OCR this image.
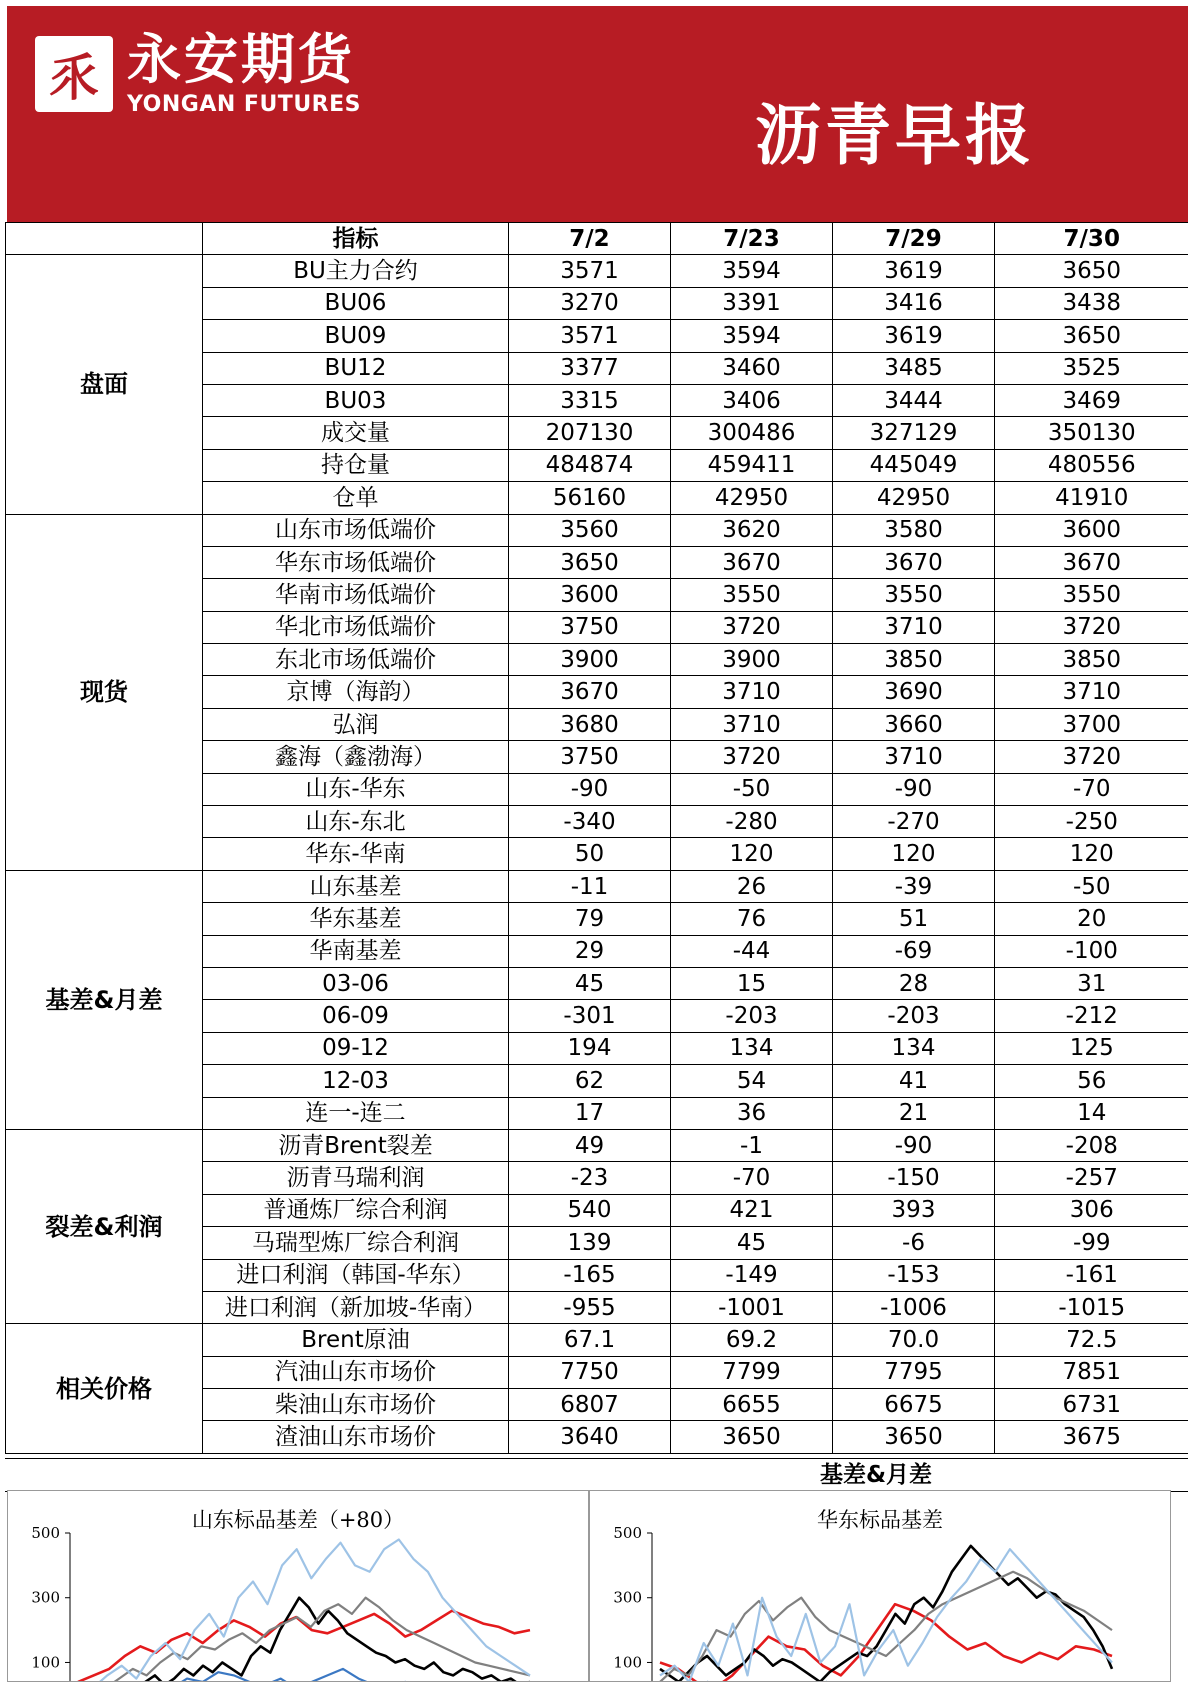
乑 永安期货
YONGAN FUTURES	沥青早报
	指标	7/2	7/23	7/29	7/30
盘面	BU主力合约	3571	3594	3619	3650
	BU06	3270	3391	3416	3438
	BU09	3571	3594	3619	3650
	BU12	3377	3460	3485	3525
	BU03	3315	3406	3444	3469
	成交量	207130	300486	327129	350130
	持仓量	484874	459411	445049	480556
	仓单	56160	42950	42950	41910
现货	山东市场低端价	3560	3620	3580	3600
	华东市场低端价	3650	3670	3670	3670
	华南市场低端价	3600	3550	3550	3550
	华北市场低端价	3750	3720	3710	3720
	东北市场低端价	3900	3900	3850	3850
	京博（海韵）	3670	3710	3690	3710
	弘润	3680	3710	3660	3700
	鑫海（鑫渤海）	3750	3720	3710	3720
	山东-华东	-90	-50	-90	-70
	山东-东北	-340	-280	-270	-250
	华东-华南	50	120	120	120
基差&月差	山东基差	-11	26	-39	-50
	华东基差	79	76	51	20
	华南基差	29	-44	-69	-100
	03-06	45	15	28	31
	06-09	-301	-203	-203	-212
	09-12	194	134	134	125
	12-03	62	54	41	56
	连一-连二	17	36	21	14
裂差&利润	沥青Brent裂差	49	-1	-90	-208
	沥青马瑞利润	-23	-70	-150	-257
	普通炼厂综合利润	540	421	393	306
	马瑞型炼厂综合利润	139	45	-6	-99
	进口利润（韩国-华东）	-165	-149	-153	-161
	进口利润（新加坡-华南）	-955	-1001	-1006	-1015
相关价格	Brent原油	67.1	69.2	70.0	72.5
	汽油山东市场价	7750	7799	7795	7851
	柴油山东市场价	6807	6655	6675	6731
	渣油山东市场价	3640	3650	3650	3675
基差&月差
山东标品基差（+80）
500
300
100
华东标品基差
500
300
100
